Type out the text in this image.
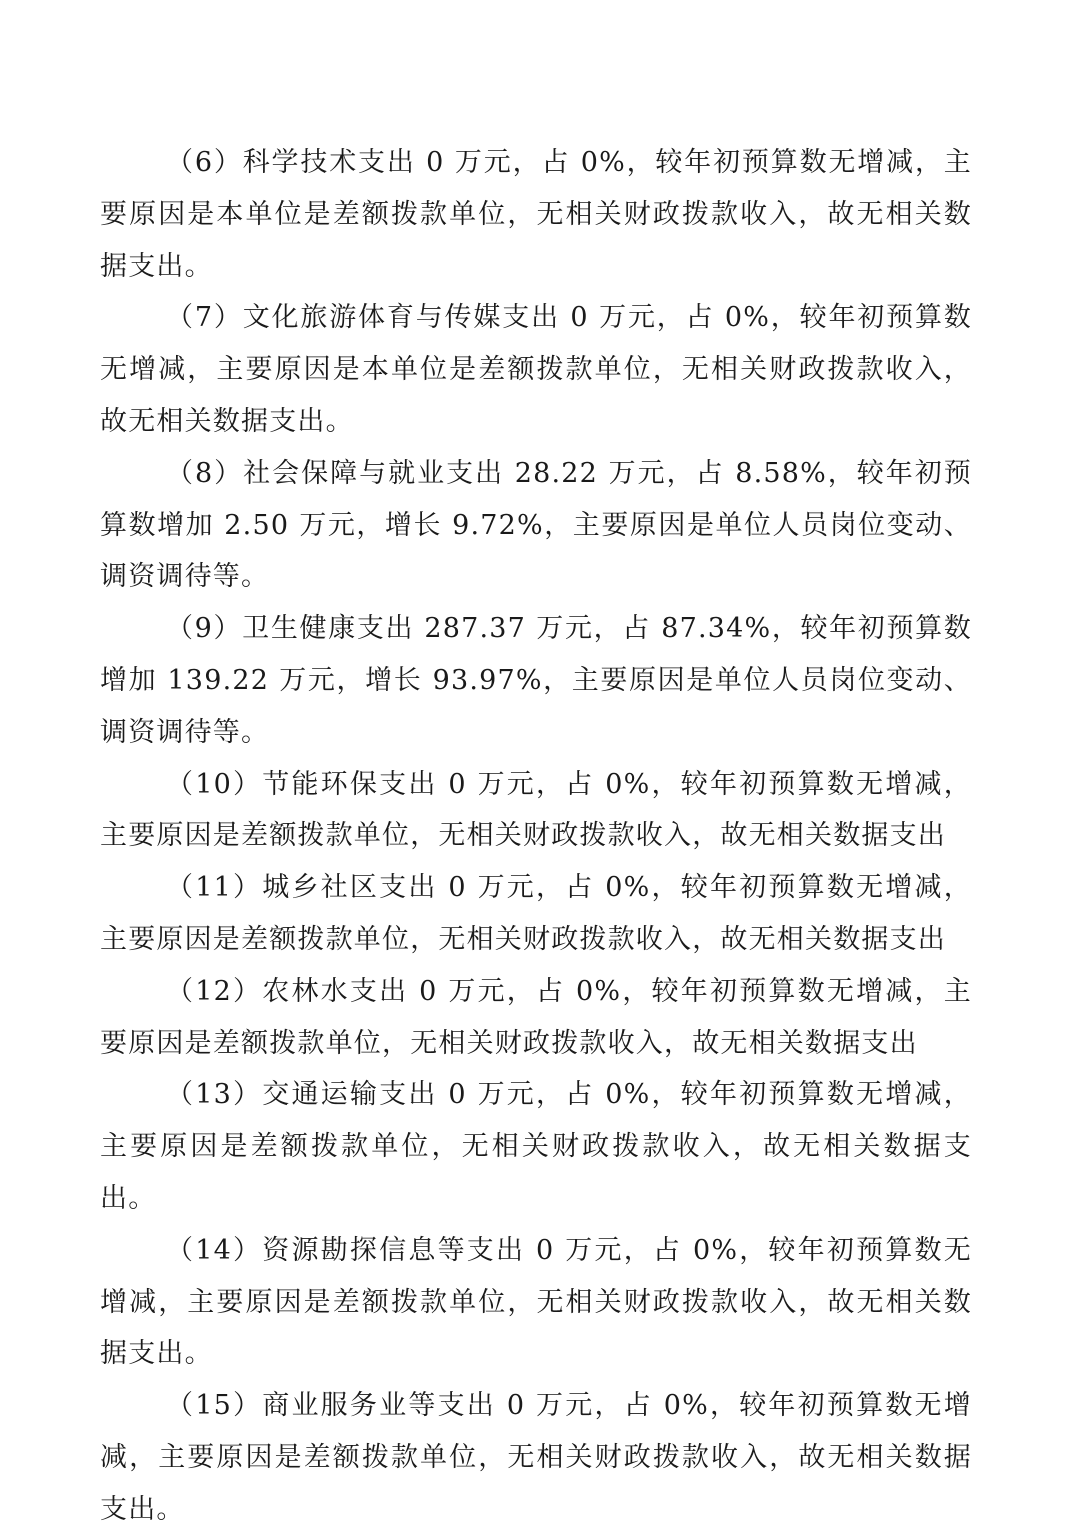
（6）科学技术支出 0 万元，占 0%，较年初预算数无增减，主要原因是本单位是差额拨款单位，无相关财政拨款收入，故无相关数据支出。

（7）文化旅游体育与传媒支出 0 万元，占 0%，较年初预算数无增减，主要原因是本单位是差额拨款单位，无相关财政拨款收入，故无相关数据支出。

（8）社会保障与就业支出 28.22 万元，占 8.58%，较年初预算数增加 2.50 万元，增长 9.72%，主要原因是单位人员岗位变动、调资调待等。

（9）卫生健康支出 287.37 万元，占 87.34%，较年初预算数增加 139.22 万元，增长 93.97%，主要原因是单位人员岗位变动、调资调待等。

（10）节能环保支出 0 万元，占 0%，较年初预算数无增减，主要原因是差额拨款单位，无相关财政拨款收入，故无相关数据支出

（11）城乡社区支出 0 万元，占 0%，较年初预算数无增减，主要原因是差额拨款单位，无相关财政拨款收入，故无相关数据支出

（12）农林水支出 0 万元，占 0%，较年初预算数无增减，主要原因是差额拨款单位，无相关财政拨款收入，故无相关数据支出

（13）交通运输支出 0 万元，占 0%，较年初预算数无增减，主要原因是差额拨款单位，无相关财政拨款收入，故无相关数据支出。

（14）资源勘探信息等支出 0 万元，占 0%，较年初预算数无增减，主要原因是差额拨款单位，无相关财政拨款收入，故无相关数据支出。

（15）商业服务业等支出 0 万元，占 0%，较年初预算数无增减，主要原因是差额拨款单位，无相关财政拨款收入，故无相关数据支出。
